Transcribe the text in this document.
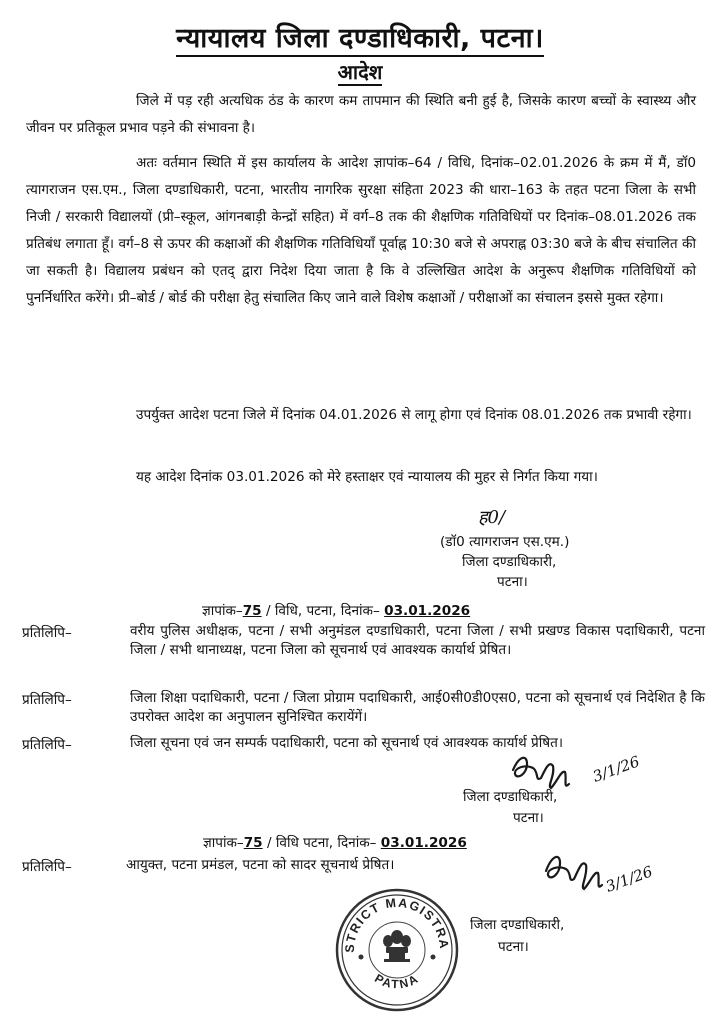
न्यायालय जिला दण्डाधिकारी, पटना।
आदेश
जिले में पड़ रही अत्यधिक ठंड के कारण कम तापमान की स्थिति बनी हुई है, जिसके कारण बच्चों के स्वास्थ्य और जीवन पर प्रतिकूल प्रभाव पड़ने की संभावना है।
अतः वर्तमान स्थिति में इस कार्यालय के आदेश ज्ञापांक–64 / विधि, दिनांक–02.01.2026 के क्रम में मैं, डॉ0 त्यागराजन एस.एम., जिला दण्डाधिकारी, पटना, भारतीय नागरिक सुरक्षा संहिता 2023 की धारा–163 के तहत पटना जिला के सभी निजी / सरकारी विद्यालयों (प्री–स्कूल, आंगनबाड़ी केन्द्रों सहित) में वर्ग–8 तक की शैक्षणिक गतिविधियों पर दिनांक–08.01.2026 तक प्रतिबंध लगाता हूँ। वर्ग–8 से ऊपर की कक्षाओं की शैक्षणिक गतिविधियाँ पूर्वाह्न 10:30 बजे से अपराह्न 03:30 बजे के बीच संचालित की जा सकती है। विद्यालय प्रबंधन को एतद् द्वारा निदेश दिया जाता है कि वे उल्लिखित आदेश के अनुरूप शैक्षणिक गतिविधियों को पुनर्निर्धारित करेंगे। प्री–बोर्ड / बोर्ड की परीक्षा हेतु संचालित किए जाने वाले विशेष कक्षाओं / परीक्षाओं का संचालन इससे मुक्त रहेगा।
उपर्युक्त आदेश पटना जिले में दिनांक 04.01.2026 से लागू होगा एवं दिनांक 08.01.2026 तक प्रभावी रहेगा।
यह आदेश दिनांक 03.01.2026 को मेरे हस्ताक्षर एवं न्यायालय की मुहर से निर्गत किया गया।
ह0/
(डॉ0 त्यागराजन एस.एम.)
जिला दण्डाधिकारी,
पटना।
ज्ञापांक–75 / विधि, पटना, दिनांक– 03.01.2026
प्रतिलिपि–	वरीय पुलिस अधीक्षक, पटना / सभी अनुमंडल दण्डाधिकारी, पटना जिला / सभी प्रखण्ड विकास पदाधिकारी, पटना जिला / सभी थानाध्यक्ष, पटना जिला को सूचनार्थ एवं आवश्यक कार्यार्थ प्रेषित।
प्रतिलिपि–	जिला शिक्षा पदाधिकारी, पटना / जिला प्रोग्राम पदाधिकारी, आई0सी0डी0एस0, पटना को सूचनार्थ एवं निदेशित है कि उपरोक्त आदेश का अनुपालन सुनिश्चित करायेंगें।
प्रतिलिपि–	जिला सूचना एवं जन सम्पर्क पदाधिकारी, पटना को सूचनार्थ एवं आवश्यक कार्यार्थ प्रेषित।
3/1/26
जिला दण्डाधिकारी,
पटना।
ज्ञापांक–75 / विधि पटना, दिनांक– 03.01.2026
प्रतिलिपि–	आयुक्त, पटना प्रमंडल, पटना को सादर सूचनार्थ प्रेषित।	3/1/26
जिला दण्डाधिकारी,
पटना।
DISTRICT MAGISTRATE
PATNA
